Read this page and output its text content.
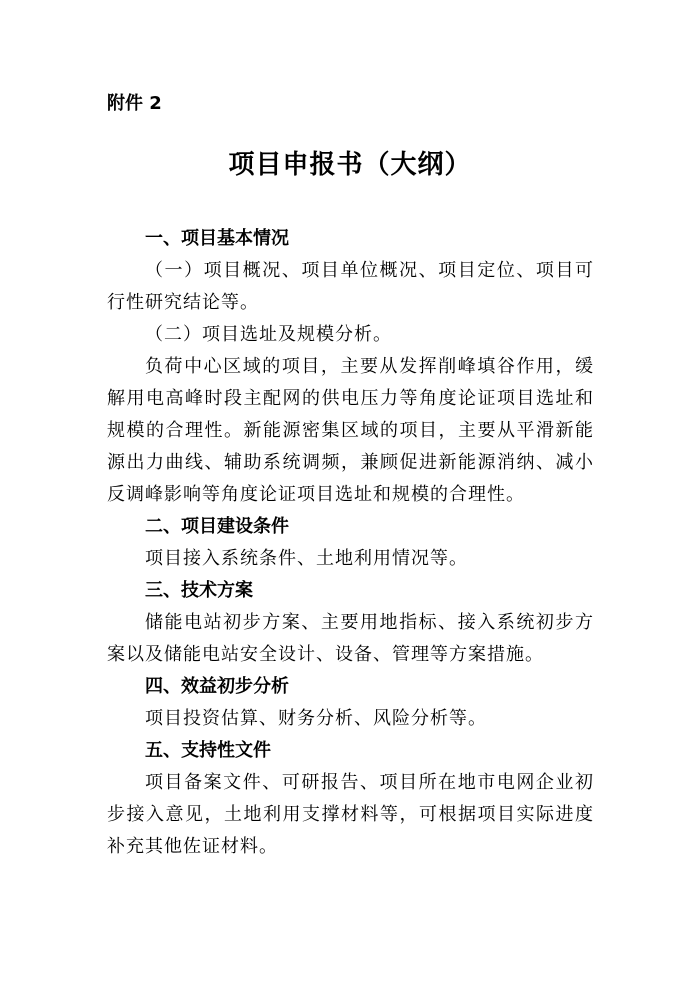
附件 2
项目申报书（大纲）

一、项目基本情况

（一）项目概况、项目单位概况、项目定位、项目可行性研究结论等。

（二）项目选址及规模分析。

负荷中心区域的项目，主要从发挥削峰填谷作用，缓解用电高峰时段主配网的供电压力等角度论证项目选址和规模的合理性。新能源密集区域的项目，主要从平滑新能源出力曲线、辅助系统调频，兼顾促进新能源消纳、减小反调峰影响等角度论证项目选址和规模的合理性。

二、项目建设条件

项目接入系统条件、土地利用情况等。

三、技术方案

储能电站初步方案、主要用地指标、接入系统初步方案以及储能电站安全设计、设备、管理等方案措施。

四、效益初步分析

项目投资估算、财务分析、风险分析等。

五、支持性文件

项目备案文件、可研报告、项目所在地市电网企业初步接入意见，土地利用支撑材料等，可根据项目实际进度补充其他佐证材料。
